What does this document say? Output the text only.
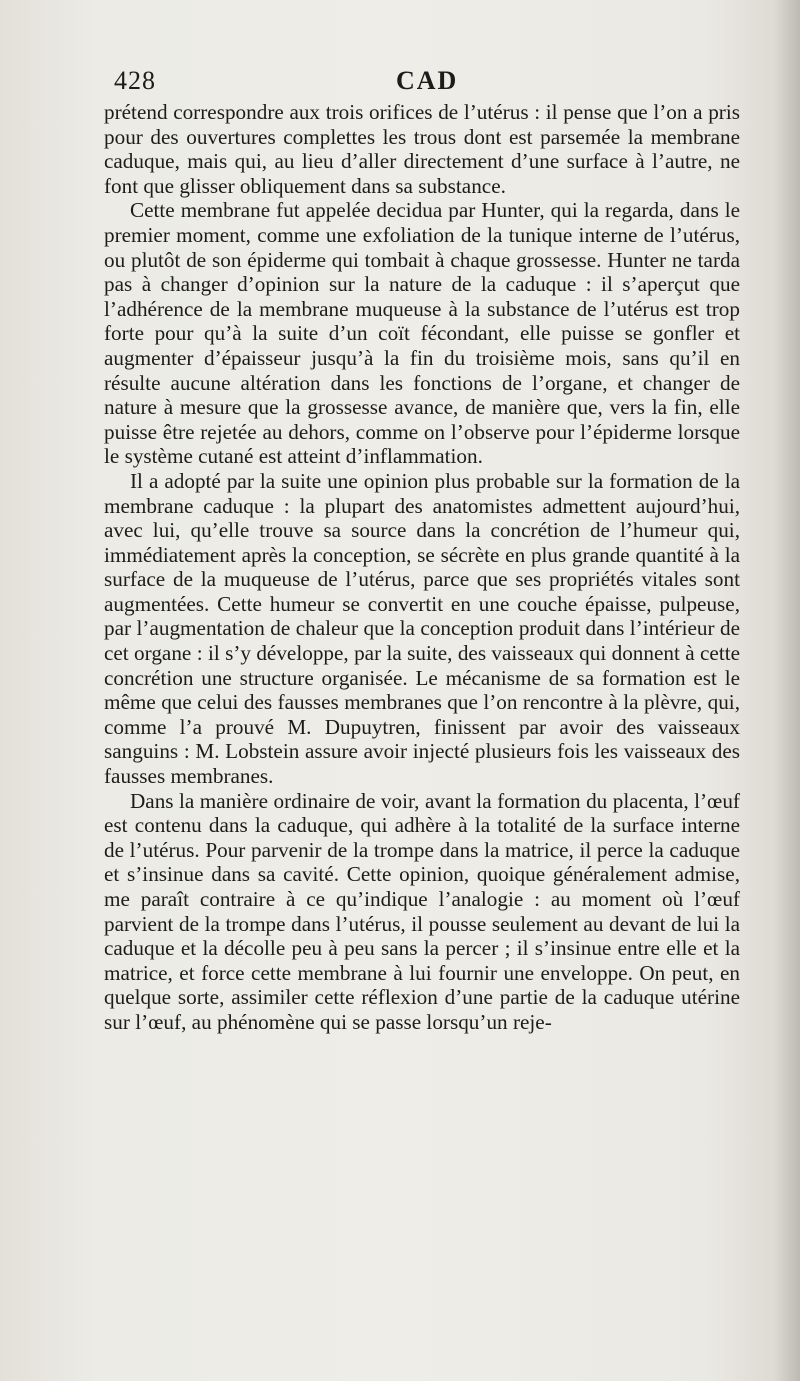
428	CAD

prétend correspondre aux trois orifices de l’utérus : il pense que l’on a pris pour des ouvertures complettes les trous dont est parsemée la membrane caduque, mais qui, au lieu d’aller directement d’une surface à l’autre, ne font que glisser obliquement dans sa substance.

Cette membrane fut appelée decidua par Hunter, qui la regarda, dans le premier moment, comme une exfoliation de la tunique interne de l’utérus, ou plutôt de son épiderme qui tombait à chaque grossesse. Hunter ne tarda pas à changer d’opinion sur la nature de la caduque : il s’aperçut que l’adhérence de la membrane muqueuse à la substance de l’utérus est trop forte pour qu’à la suite d’un coït fécondant, elle puisse se gonfler et augmenter d’épaisseur jusqu’à la fin du troisième mois, sans qu’il en résulte aucune altération dans les fonctions de l’organe, et changer de nature à mesure que la grossesse avance, de manière que, vers la fin, elle puisse être rejetée au dehors, comme on l’observe pour l’épiderme lorsque le système cutané est atteint d’inflammation.

Il a adopté par la suite une opinion plus probable sur la formation de la membrane caduque : la plupart des anatomistes admettent aujourd’hui, avec lui, qu’elle trouve sa source dans la concrétion de l’humeur qui, immédiatement après la conception, se sécrète en plus grande quantité à la surface de la muqueuse de l’utérus, parce que ses propriétés vitales sont augmentées. Cette humeur se convertit en une couche épaisse, pulpeuse, par l’augmentation de chaleur que la conception produit dans l’intérieur de cet organe : il s’y développe, par la suite, des vaisseaux qui donnent à cette concrétion une structure organisée. Le mécanisme de sa formation est le même que celui des fausses membranes que l’on rencontre à la plèvre, qui, comme l’a prouvé M. Dupuytren, finissent par avoir des vaisseaux sanguins : M. Lobstein assure avoir injecté plusieurs fois les vaisseaux des fausses membranes.

Dans la manière ordinaire de voir, avant la formation du placenta, l’œuf est contenu dans la caduque, qui adhère à la totalité de la surface interne de l’utérus. Pour parvenir de la trompe dans la matrice, il perce la caduque et s’insinue dans sa cavité. Cette opinion, quoique généralement admise, me paraît contraire à ce qu’indique l’analogie : au moment où l’œuf parvient de la trompe dans l’utérus, il pousse seulement au devant de lui la caduque et la décolle peu à peu sans la percer ; il s’insinue entre elle et la matrice, et force cette membrane à lui fournir une enveloppe. On peut, en quelque sorte, assimiler cette réflexion d’une partie de la caduque utérine sur l’œuf, au phénomène qui se passe lorsqu’un reje-
